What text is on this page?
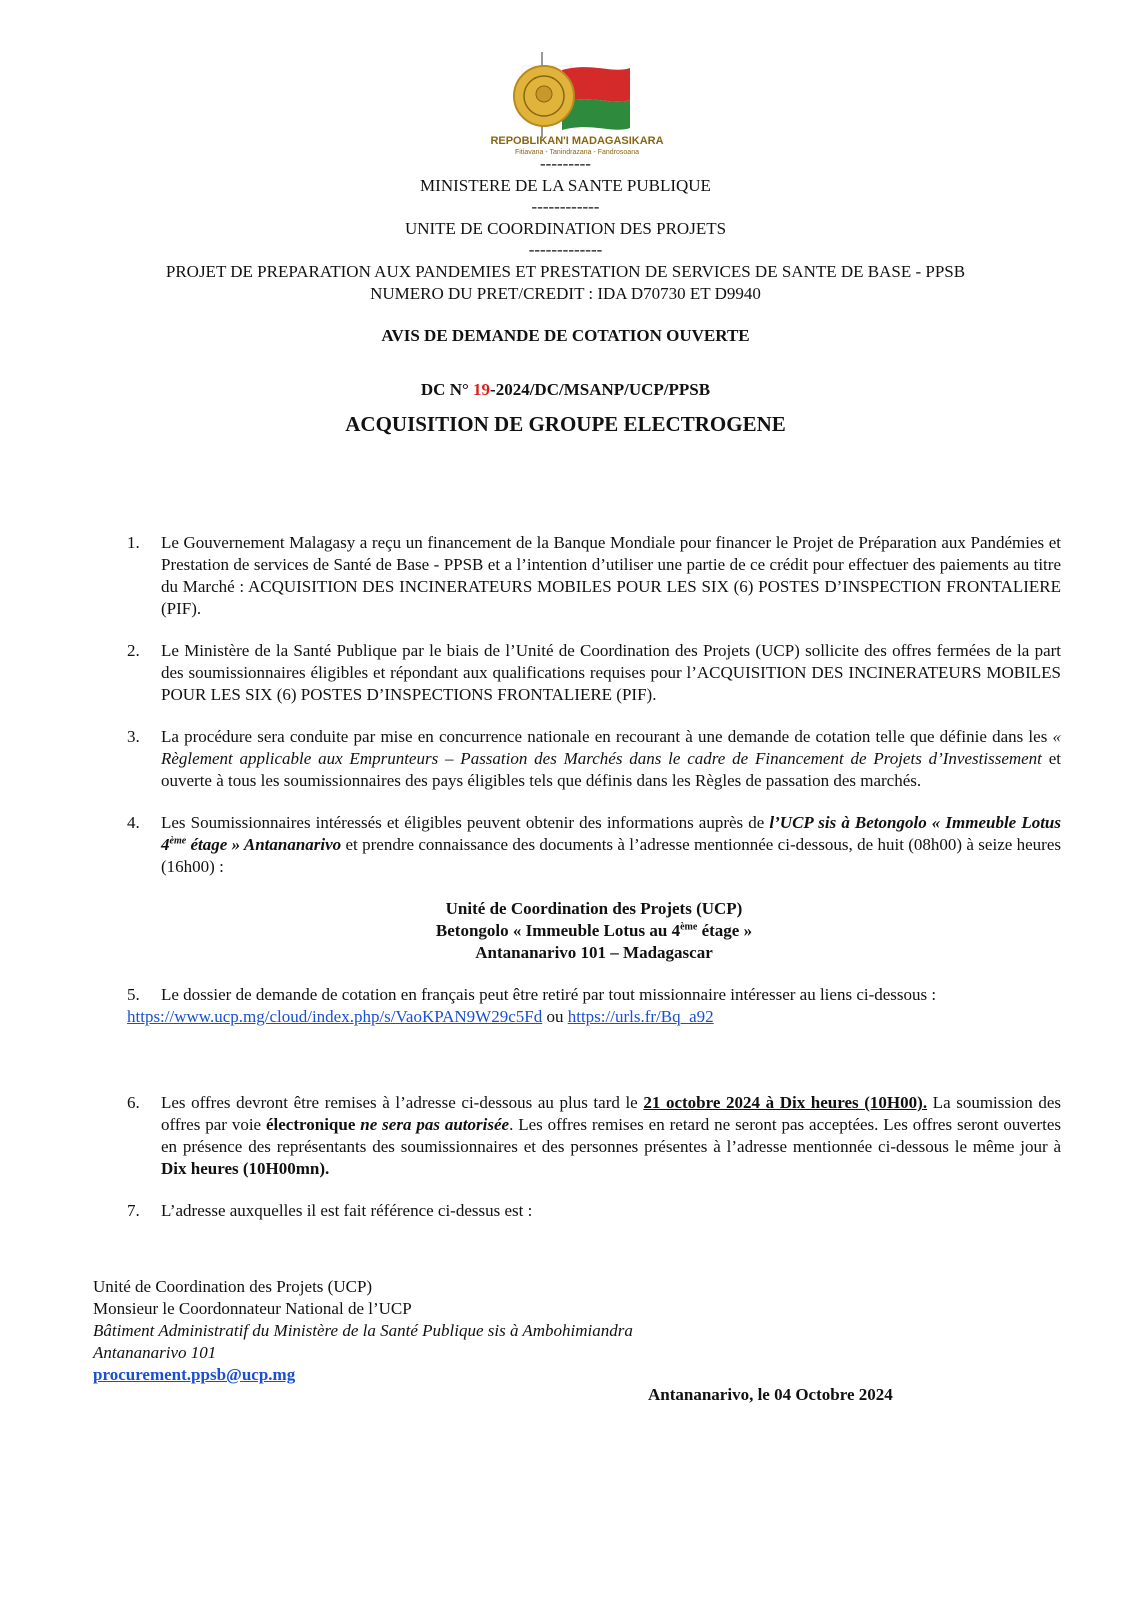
REPOBLIKAN'I MADAGASIKARA
Fitiavana - Tanindrazana - Fandrosoana
---------
MINISTERE DE LA SANTE PUBLIQUE
------------
UNITE DE COORDINATION DES PROJETS
-------------
PROJET DE PREPARATION AUX PANDEMIES ET PRESTATION DE SERVICES DE SANTE DE BASE - PPSB
NUMERO DU PRET/CREDIT : IDA D70730 ET D9940
AVIS DE DEMANDE DE COTATION OUVERTE
DC N° 19-2024/DC/MSANP/UCP/PPSB
ACQUISITION DE GROUPE ELECTROGENE
1.	Le Gouvernement Malagasy a reçu un financement de la Banque Mondiale pour financer le Projet de Préparation aux Pandémies et Prestation de services de Santé de Base - PPSB et a l’intention d’utiliser une partie de ce crédit pour effectuer des paiements au titre du Marché : ACQUISITION DES INCINERATEURS MOBILES POUR LES SIX (6) POSTES D’INSPECTION FRONTALIERE (PIF).
2.	Le Ministère de la Santé Publique par le biais de l’Unité de Coordination des Projets (UCP) sollicite des offres fermées de la part des soumissionnaires éligibles et répondant aux qualifications requises pour l’ACQUISITION DES INCINERATEURS MOBILES POUR LES SIX (6) POSTES D’INSPECTIONS FRONTALIERE (PIF).
3.	La procédure sera conduite par mise en concurrence nationale en recourant à une demande de cotation telle que définie dans les « Règlement applicable aux Emprunteurs – Passation des Marchés dans le cadre de Financement de Projets d’Investissement et ouverte à tous les soumissionnaires des pays éligibles tels que définis dans les Règles de passation des marchés.
4.	Les Soumissionnaires intéressés et éligibles peuvent obtenir des informations auprès de l’UCP sis à Betongolo « Immeuble Lotus 4ème étage » Antananarivo et prendre connaissance des documents à l’adresse mentionnée ci-dessous, de huit (08h00) à seize heures (16h00) :
Unité de Coordination des Projets (UCP)
Betongolo « Immeuble Lotus au 4ème étage »
Antananarivo 101 – Madagascar
5.	Le dossier de demande de cotation en français peut être retiré par tout missionnaire intéresser au liens ci-dessous :
https://www.ucp.mg/cloud/index.php/s/VaoKPAN9W29c5Fd ou https://urls.fr/Bq_a92
6.	Les offres devront être remises à l’adresse ci-dessous au plus tard le 21 octobre 2024 à Dix heures (10H00). La soumission des offres par voie électronique ne sera pas autorisée. Les offres remises en retard ne seront pas acceptées. Les offres seront ouvertes en présence des représentants des soumissionnaires et des personnes présentes à l’adresse mentionnée ci-dessous le même jour à Dix heures (10H00mn).
7.	L’adresse auxquelles il est fait référence ci-dessus est :
Unité de Coordination des Projets (UCP)
Monsieur le Coordonnateur National de l’UCP
Bâtiment Administratif du Ministère de la Santé Publique sis à Ambohimiandra
Antananarivo 101
procurement.ppsb@ucp.mg
Antananarivo, le 04 Octobre 2024
